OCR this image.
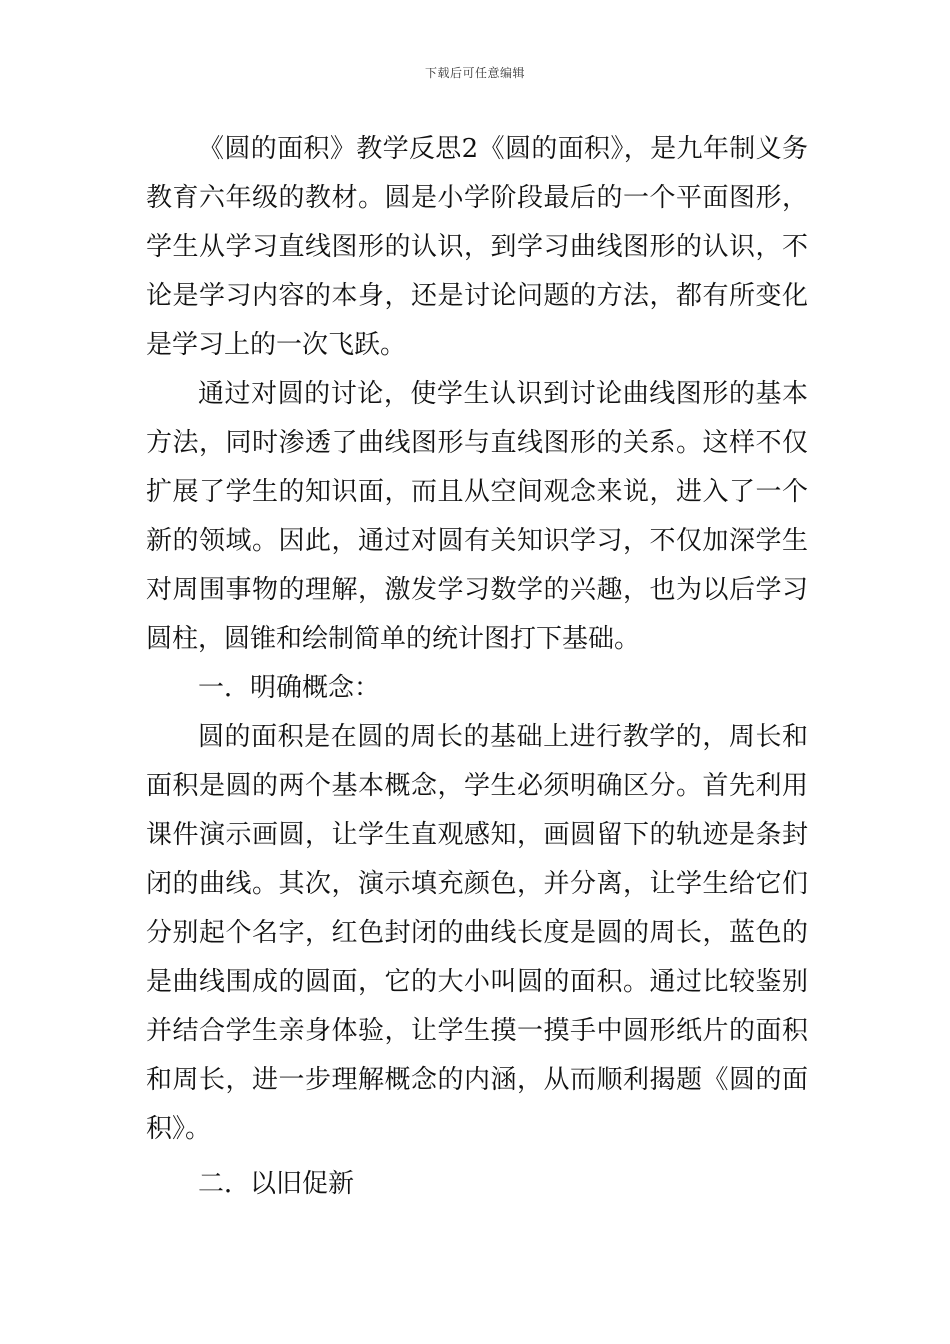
下载后可任意编辑

《圆的面积》教学反思2《圆的面积》，是九年制义务教育六年级的教材。圆是小学阶段最后的一个平面图形，学生从学习直线图形的认识，到学习曲线图形的认识，不论是学习内容的本身，还是讨论问题的方法，都有所变化是学习上的一次飞跃。

通过对圆的讨论，使学生认识到讨论曲线图形的基本方法，同时渗透了曲线图形与直线图形的关系。这样不仅扩展了学生的知识面，而且从空间观念来说，进入了一个新的领域。因此，通过对圆有关知识学习，不仅加深学生对周围事物的理解，激发学习数学的兴趣，也为以后学习圆柱，圆锥和绘制简单的统计图打下基础。

一．明确概念：

圆的面积是在圆的周长的基础上进行教学的，周长和面积是圆的两个基本概念，学生必须明确区分。首先利用课件演示画圆，让学生直观感知，画圆留下的轨迹是条封闭的曲线。其次，演示填充颜色，并分离，让学生给它们分别起个名字，红色封闭的曲线长度是圆的周长，蓝色的是曲线围成的圆面，它的大小叫圆的面积。通过比较鉴别并结合学生亲身体验，让学生摸一摸手中圆形纸片的面积和周长，进一步理解概念的内涵，从而顺利揭题《圆的面积》。

二．以旧促新
